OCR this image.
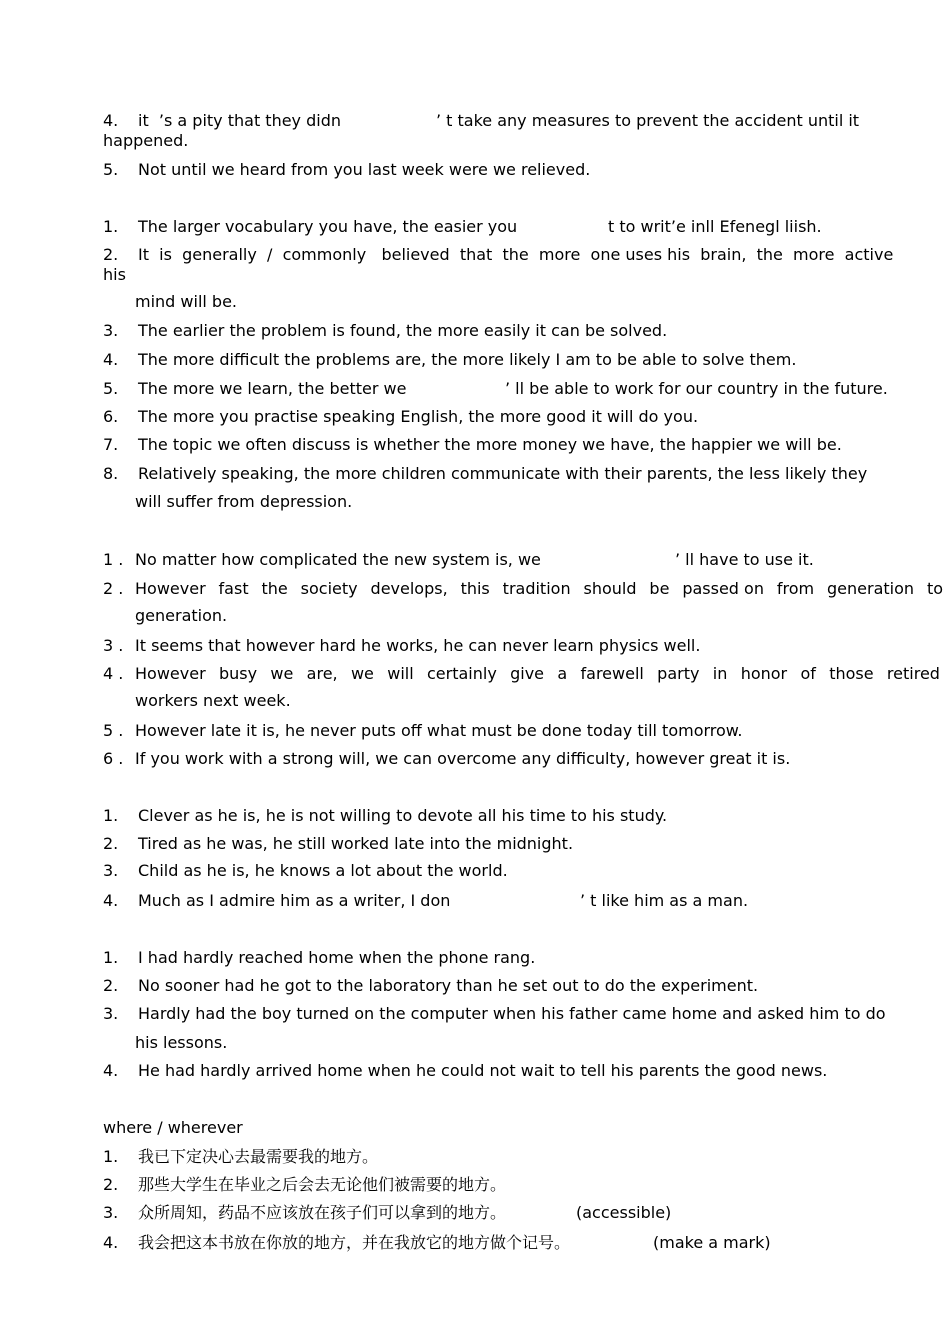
4. it  ’s a pity that they didn	’ t take any measures to prevent the accident until it
happened.
5. Not until we heard from you last week were we relieved.
1. The larger vocabulary you have, the easier you	t to writ’e inll Efenegl liish.
2. It  is  generally  /  commonly   believed  that  the  more  one uses his  brain,  the  more  active
his
mind will be.
3. The earlier the problem is found, the more easily it can be solved.
4. The more difficult the problems are, the more likely I am to be able to solve them.
5. The more we learn, the better we	’ ll be able to work for our country in the future.
6. The more you practise speaking English, the more good it will do you.
7. The topic we often discuss is whether the more money we have, the happier we will be.
8. Relatively speaking, the more children communicate with their parents, the less likely they
will suffer from depression.
1 . No matter how complicated the new system is, we	’ ll have to use it.
2 . However fast the society develops, this tradition should be passed on from generation to
generation.
3 . It seems that however hard he works, he can never learn physics well.
4 . However busy we are, we will certainly give a farewell party in honor of those retired
workers next week.
5 . However late it is, he never puts off what must be done today till tomorrow.
6 . If you work with a strong will, we can overcome any difficulty, however great it is.
1. Clever as he is, he is not willing to devote all his time to his study.
2. Tired as he was, he still worked late into the midnight.
3. Child as he is, he knows a lot about the world.
4. Much as I admire him as a writer, I don	’ t like him as a man.
1. I had hardly reached home when the phone rang.
2. No sooner had he got to the laboratory than he set out to do the experiment.
3. Hardly had the boy turned on the computer when his father came home and asked him to do
his lessons.
4. He had hardly arrived home when he could not wait to tell his parents the good news.
where / wherever
1. 我已下定决心去最需要我的地方。
2. 那些大学生在毕业之后会去无论他们被需要的地方。
3. 众所周知，药品不应该放在孩子们可以拿到的地方。	(accessible)
4. 我会把这本书放在你放的地方，并在我放它的地方做个记号。	(make a mark)
